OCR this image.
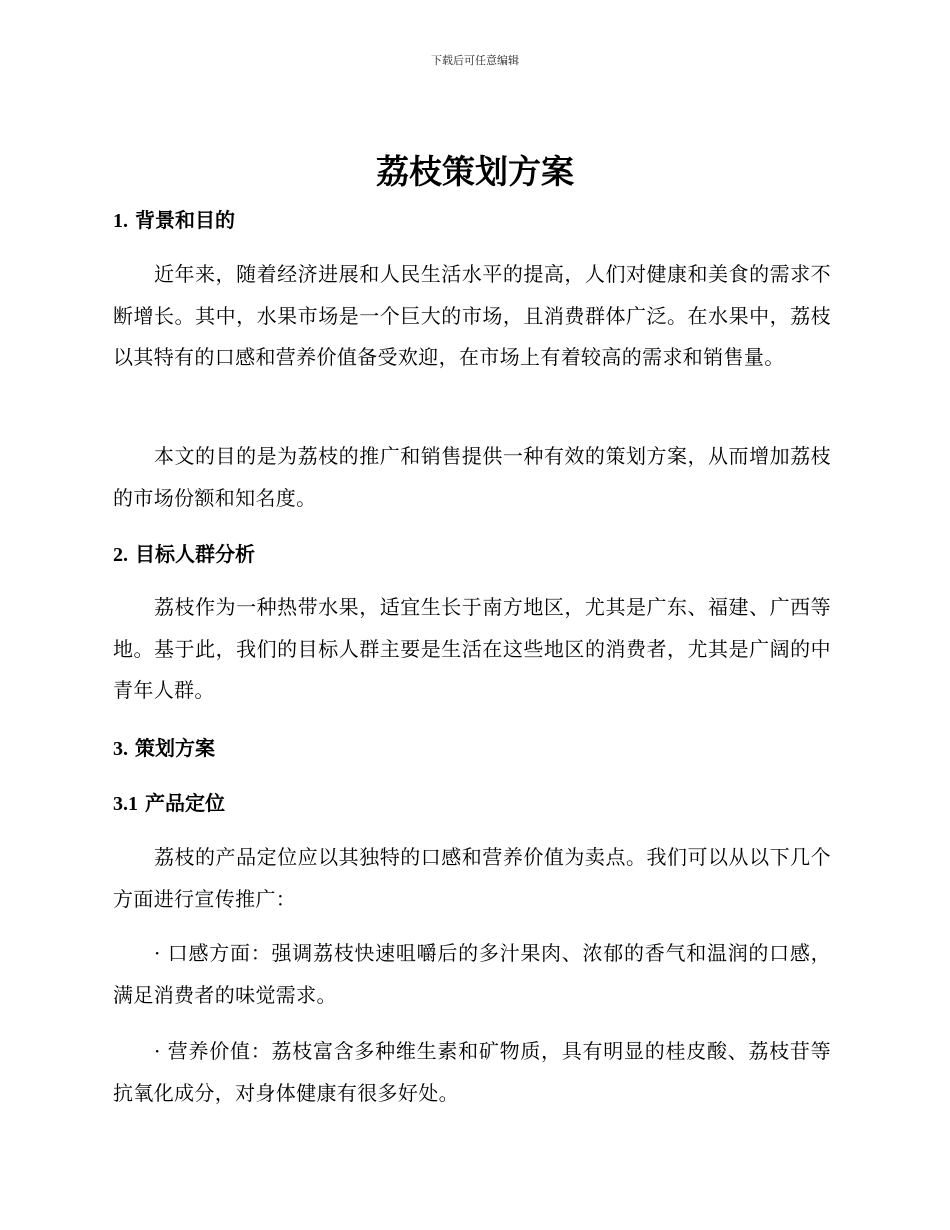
下载后可任意编辑
荔枝策划方案
1. 背景和目的

近年来，随着经济进展和人民生活水平的提高，人们对健康和美食的需求不断增长。其中，水果市场是一个巨大的市场，且消费群体广泛。在水果中，荔枝以其特有的口感和营养价值备受欢迎，在市场上有着较高的需求和销售量。

本文的目的是为荔枝的推广和销售提供一种有效的策划方案，从而增加荔枝的市场份额和知名度。

2. 目标人群分析

荔枝作为一种热带水果，适宜生长于南方地区，尤其是广东、福建、广西等地。基于此，我们的目标人群主要是生活在这些地区的消费者，尤其是广阔的中青年人群。

3. 策划方案
3.1 产品定位

荔枝的产品定位应以其独特的口感和营养价值为卖点。我们可以从以下几个方面进行宣传推广：

· 口感方面：强调荔枝快速咀嚼后的多汁果肉、浓郁的香气和温润的口感，满足消费者的味觉需求。

· 营养价值：荔枝富含多种维生素和矿物质，具有明显的桂皮酸、荔枝苷等抗氧化成分，对身体健康有很多好处。
